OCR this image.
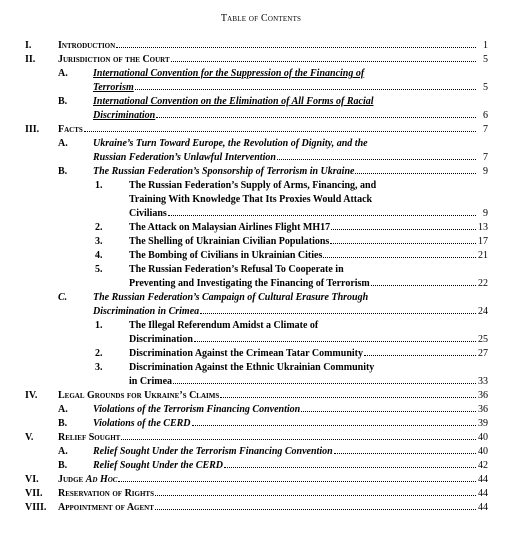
Table of Contents
I.	Introduction	1
II. Jurisdiction of the Court	5
A.	International Convention for the Suppression of the Financing of
Terrorism	5
B.	International Convention on the Elimination of All Forms of Racial
Discrimination	6
III. Facts	7
A.	Ukraine’s Turn Toward Europe, the Revolution of Dignity, and the
Russian Federation’s Unlawful Intervention	7
B.	The Russian Federation’s Sponsorship of Terrorism in Ukraine	9
1.	The Russian Federation’s Supply of Arms, Financing, and
Training With Knowledge That Its Proxies Would Attack
Civilians	9
2.	The Attack on Malaysian Airlines Flight MH17	13
3.	The Shelling of Ukrainian Civilian Populations	17
4.	The Bombing of Civilians in Ukrainian Cities	21
5.	The Russian Federation’s Refusal To Cooperate in
Preventing and Investigating the Financing of Terrorism	22
C.	The Russian Federation’s Campaign of Cultural Erasure Through
Discrimination in Crimea	24
1.	The Illegal Referendum Amidst a Climate of
Discrimination	25
2.	Discrimination Against the Crimean Tatar Community	27
3.	Discrimination Against the Ethnic Ukrainian Community
in Crimea	33
IV. Legal Grounds for Ukraine’s Claims	36
A.	Violations of the Terrorism Financing Convention	36
B.	Violations of the CERD	39
V. Relief Sought	40
A.	Relief Sought Under the Terrorism Financing Convention	40
B.	Relief Sought Under the CERD	42
VI. Judge Ad Hoc	44
VII. Reservation of Rights	44
VIII. Appointment of Agent	44
